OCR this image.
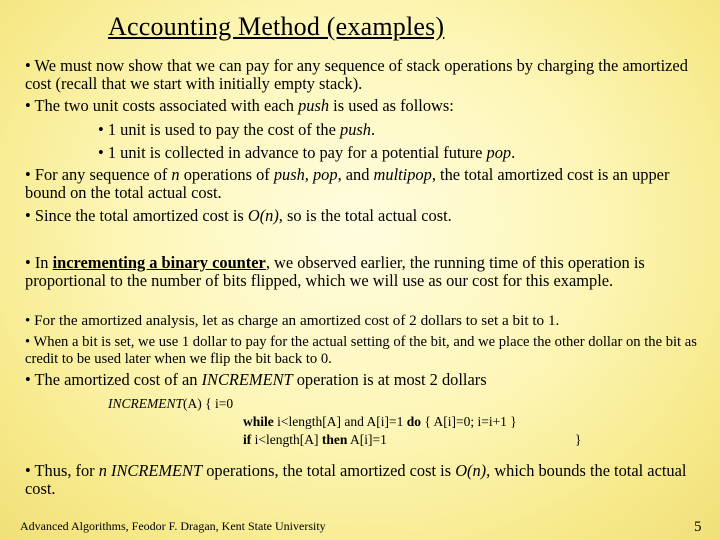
Accounting Method (examples)

• We must now show that we can pay for any sequence of stack operations by charging the amortized cost (recall that we start with initially empty stack).

• The two unit costs associated with each push is used as follows:

• 1 unit is used to pay the cost of the push.

• 1 unit is collected in advance to pay for a potential future pop.

• For any sequence of n operations of push, pop, and multipop, the total amortized cost is an upper bound on the total actual cost.

• Since the total amortized cost is O(n), so is the total actual cost.

• In incrementing a binary counter, we observed earlier, the running time of this operation is proportional to the number of bits flipped, which we will use as our cost for this example.

• For the amortized analysis, let as charge an amortized cost of 2 dollars to set a bit to 1.

• When a bit is set, we use 1 dollar to pay for the actual setting of the bit, and we place the other dollar on the bit as credit to be used later when we flip the bit back to 0.

• The amortized cost of an INCREMENT operation is at most 2 dollars

INCREMENT(A) { i=0
while i<length[A] and A[i]=1 do { A[i]=0; i=i+1 }
if i<length[A] then A[i]=1	}

• Thus, for n INCREMENT operations, the total amortized cost is O(n), which bounds the total actual cost.

Advanced Algorithms, Feodor F. Dragan, Kent State University	5
